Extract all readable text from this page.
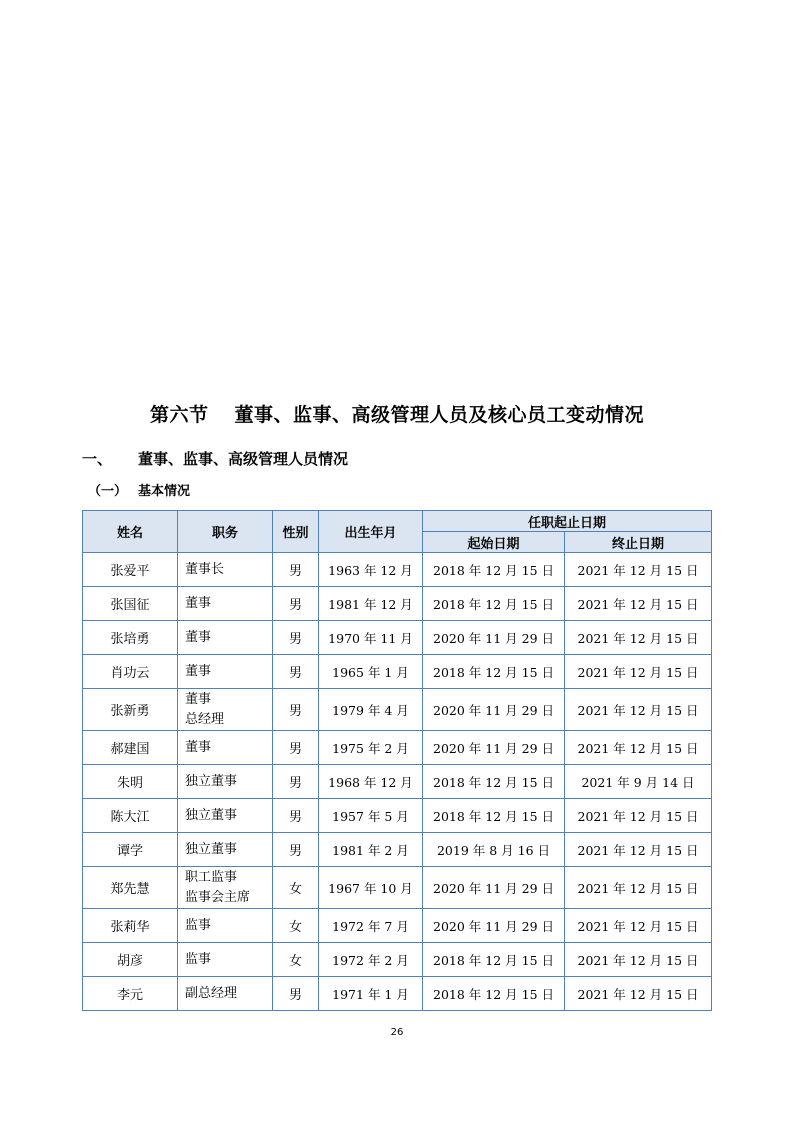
第六节 董事、监事、高级管理人员及核心员工变动情况
一、 董事、监事、高级管理人员情况
（一） 基本情况
姓名	职务	性别	出生年月	任职起止日期	
				起始日期	终止日期
张爱平	董事长	男	1963 年 12 月	2018 年 12 月 15 日	2021 年 12 月 15 日
张国征	董事	男	1981 年 12 月	2018 年 12 月 15 日	2021 年 12 月 15 日
张培勇	董事	男	1970 年 11 月	2020 年 11 月 29 日	2021 年 12 月 15 日
肖功云	董事	男	1965 年 1 月	2018 年 12 月 15 日	2021 年 12 月 15 日
张新勇	董事
总经理	男	1979 年 4 月	2020 年 11 月 29 日	2021 年 12 月 15 日
郝建国	董事	男	1975 年 2 月	2020 年 11 月 29 日	2021 年 12 月 15 日
朱明	独立董事	男	1968 年 12 月	2018 年 12 月 15 日	2021 年 9 月 14 日
陈大江	独立董事	男	1957 年 5 月	2018 年 12 月 15 日	2021 年 12 月 15 日
谭学	独立董事	男	1981 年 2 月	2019 年 8 月 16 日	2021 年 12 月 15 日
郑先慧	职工监事
监事会主席	女	1967 年 10 月	2020 年 11 月 29 日	2021 年 12 月 15 日
张莉华	监事	女	1972 年 7 月	2020 年 11 月 29 日	2021 年 12 月 15 日
胡彦	监事	女	1972 年 2 月	2018 年 12 月 15 日	2021 年 12 月 15 日
李元	副总经理	男	1971 年 1 月	2018 年 12 月 15 日	2021 年 12 月 15 日
26
